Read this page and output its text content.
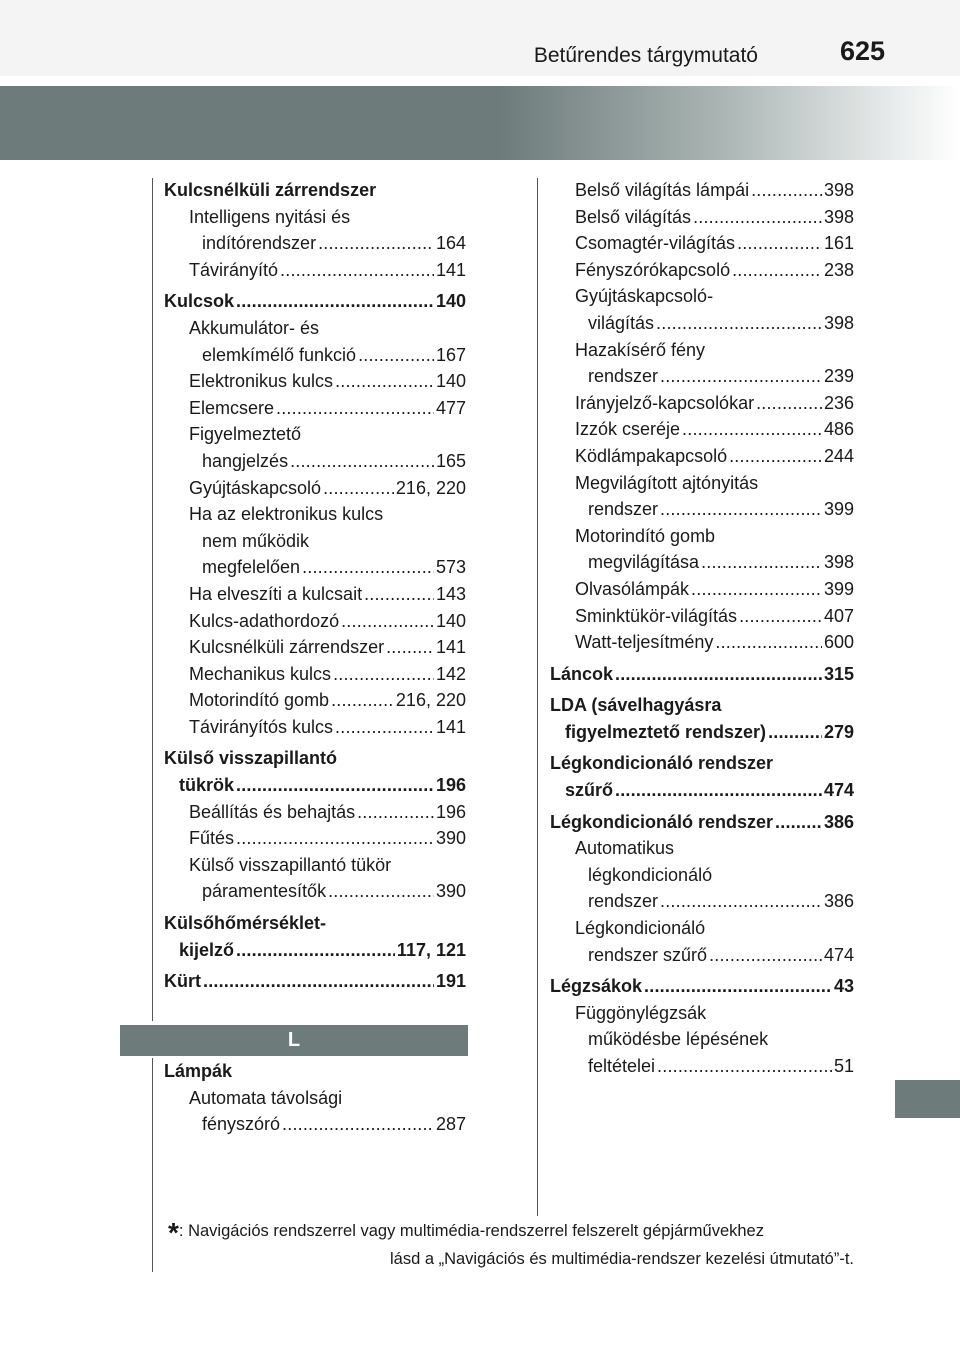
Betűrendes tárgymutató	625
Kulcsnélküli zárrendszer
Intelligens nyitási és
indítórendszer .....	164
Távirányító .....	141
Kulcsok .....	140
Akkumulátor- és
elemkímélő funkció .....	167
Elektronikus kulcs .....	140
Elemcsere .....	477
Figyelmeztető
hangjelzés .....	165
Gyújtáskapcsoló .....	216, 220
Ha az elektronikus kulcs
nem működik
megfelelően .....	573
Ha elveszíti a kulcsait .....	143
Kulcs-adathordozó .....	140
Kulcsnélküli zárrendszer .....	141
Mechanikus kulcs .....	142
Motorindító gomb .....	216, 220
Távirányítós kulcs .....	141
Külső visszapillantó
tükrök .....	196
Beállítás és behajtás .....	196
Fűtés .....	390
Külső visszapillantó tükör
páramentesítők .....	390
Külsőhőmérséklet-
kijelző .....	117, 121
Kürt .....	191
L
Lámpák
Automata távolsági
fényszóró .....	287
Belső világítás lámpái .....	398
Belső világítás .....	398
Csomagtér-világítás .....	161
Fényszórókapcsoló .....	238
Gyújtáskapcsoló-
világítás .....	398
Hazakísérő fény
rendszer .....	239
Irányjelző-kapcsolókar .....	236
Izzók cseréje .....	486
Ködlámpakapcsoló .....	244
Megvilágított ajtónyitás
rendszer .....	399
Motorindító gomb
megvilágítása .....	398
Olvasólámpák .....	399
Sminktükör-világítás .....	407
Watt-teljesítmény .....	600
Láncok .....	315
LDA (sávelhagyásra
figyelmeztető rendszer) .....	279
Légkondicionáló rendszer
szűrő .....	474
Légkondicionáló rendszer .....	386
Automatikus
légkondicionáló
rendszer .....	386
Légkondicionáló
rendszer szűrő .....	474
Légzsákok .....	43
Függönylégzsák
működésbe lépésének
feltételei .....	51
*: Navigációs rendszerrel vagy multimédia-rendszerrel felszerelt gépjárművekhez
lásd a „Navigációs és multimédia-rendszer kezelési útmutató”-t.
